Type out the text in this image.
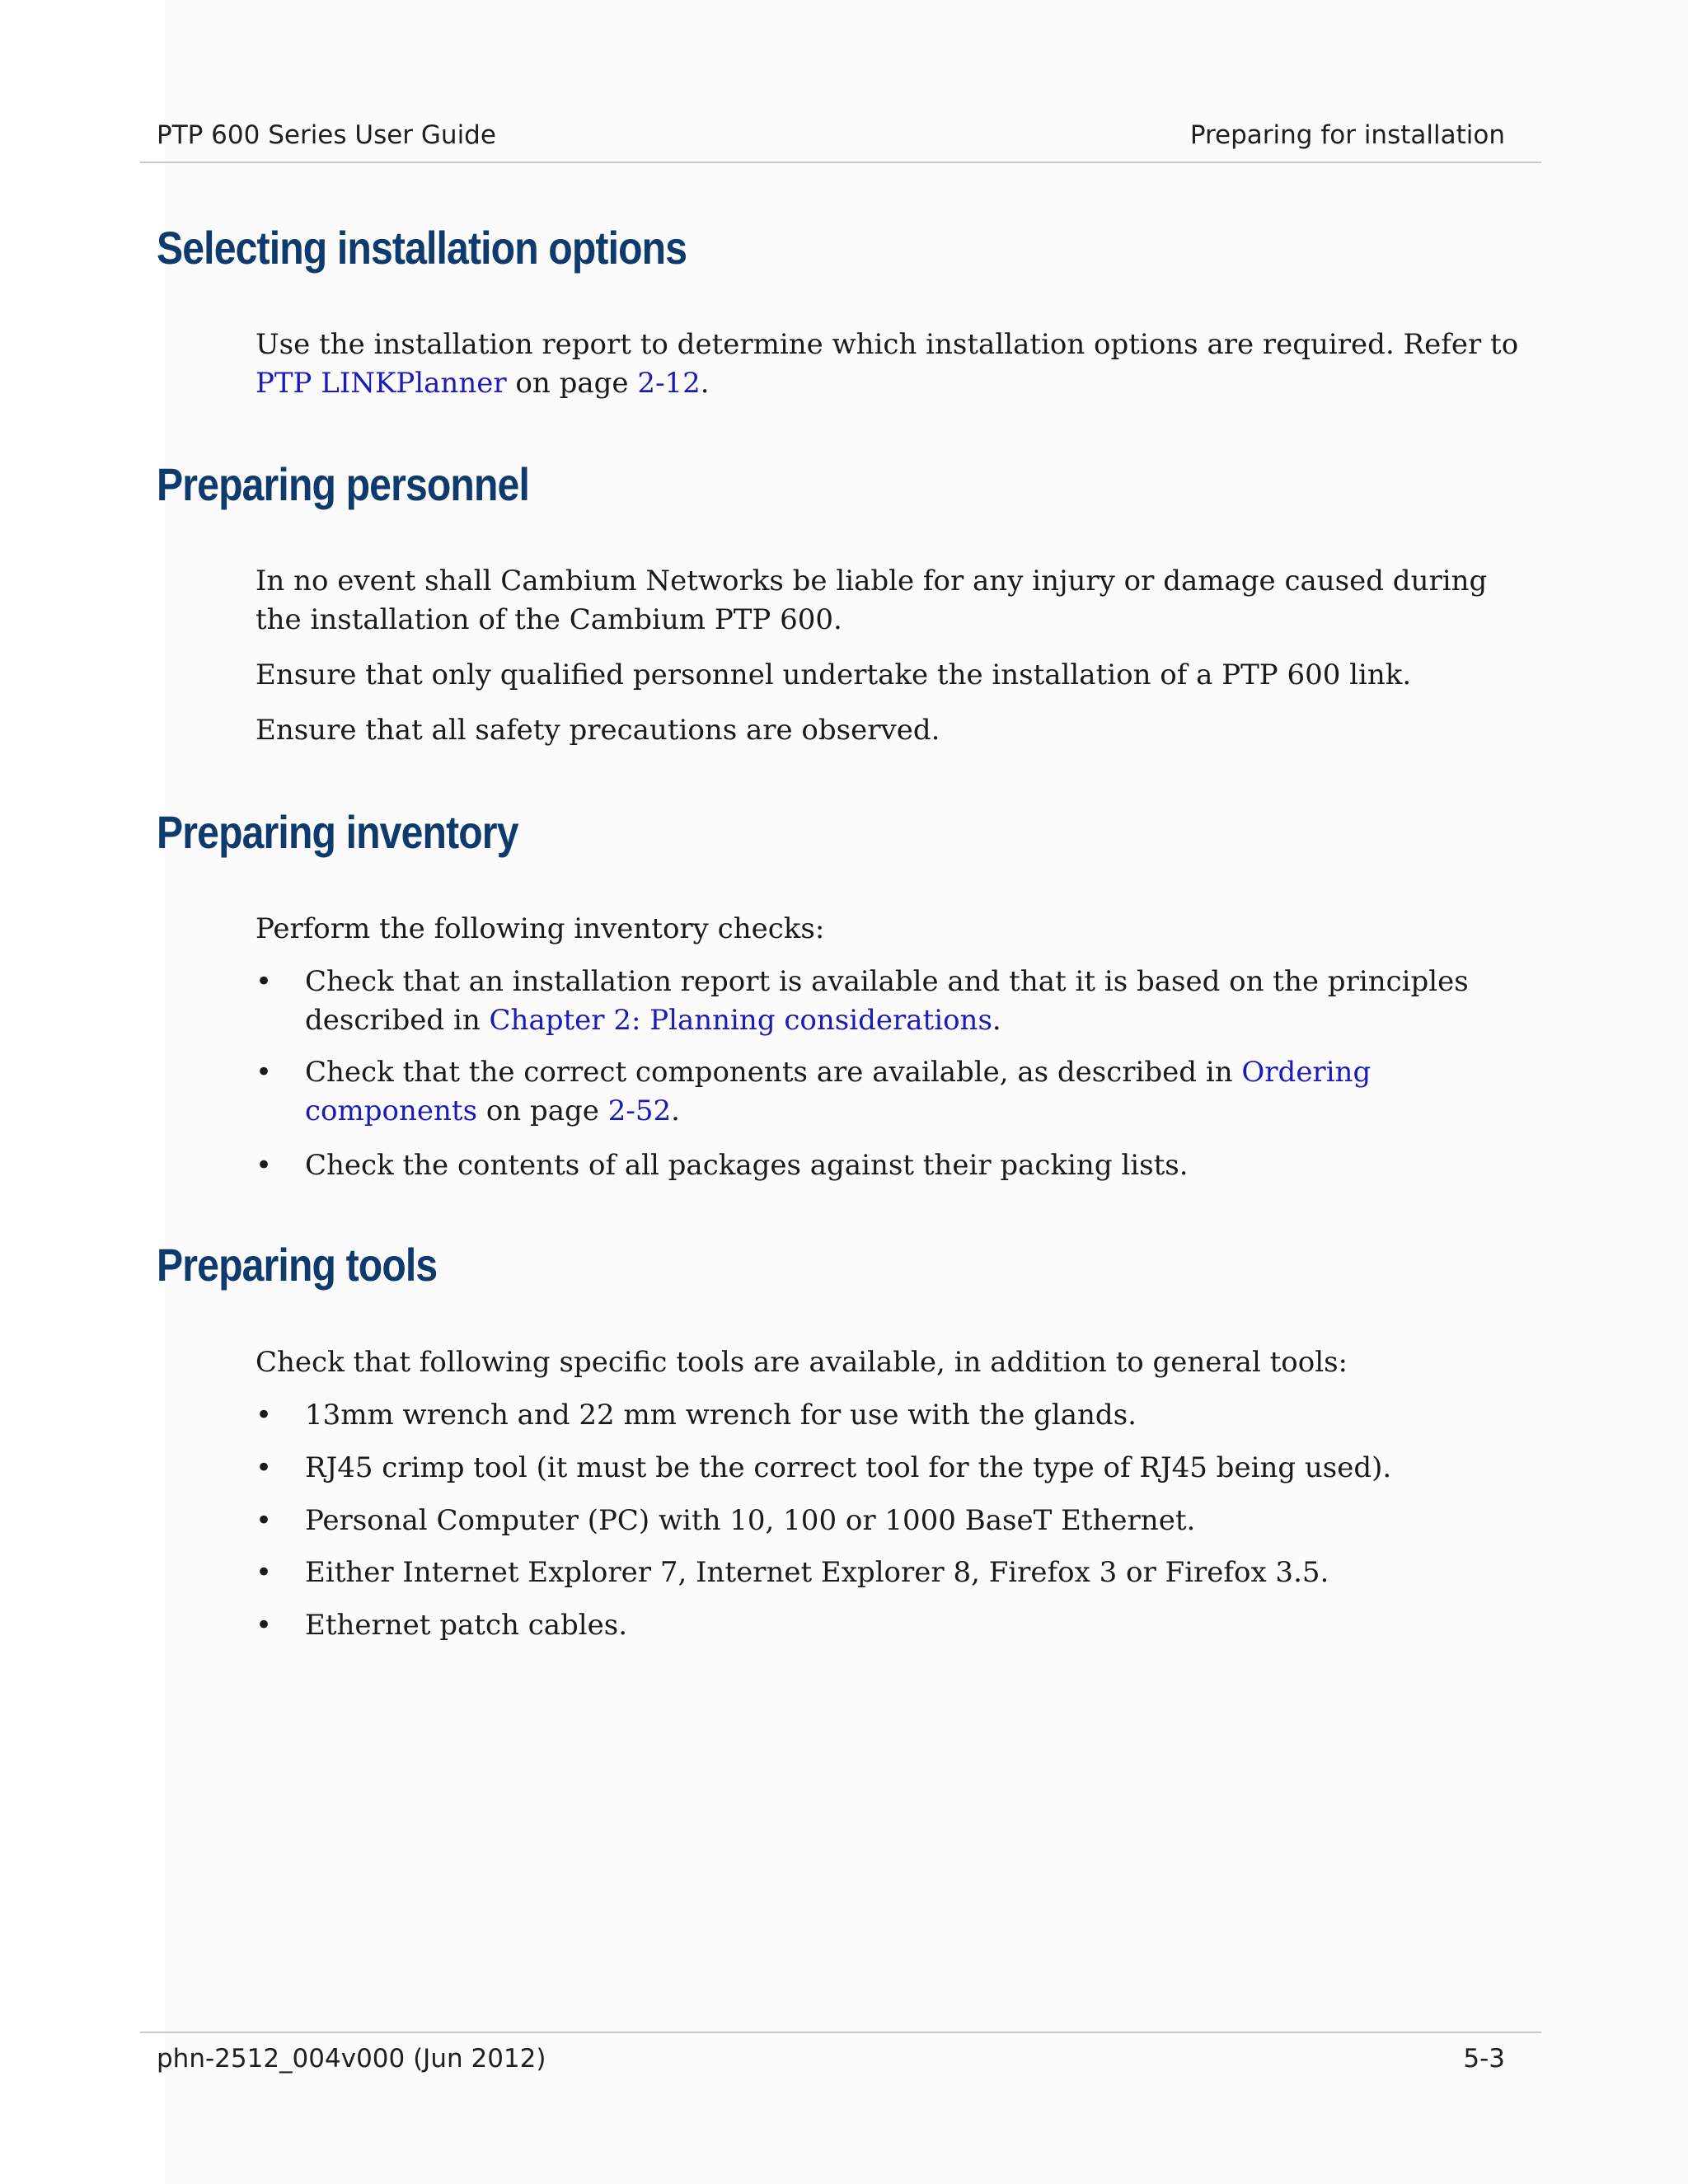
PTP 600 Series User Guide	Preparing for installation
Selecting installation options

Use the installation report to determine which installation options are required. Refer to PTP LINKPlanner on page 2-12.

Preparing personnel

In no event shall Cambium Networks be liable for any injury or damage caused during the installation of the Cambium PTP 600.

Ensure that only qualified personnel undertake the installation of a PTP 600 link.

Ensure that all safety precautions are observed.

Preparing inventory

Perform the following inventory checks:

•	Check that an installation report is available and that it is based on the principles described in Chapter 2: Planning considerations.
•	Check that the correct components are available, as described in Ordering components on page 2-52.
•	Check the contents of all packages against their packing lists.
Preparing tools

Check that following specific tools are available, in addition to general tools:

•	13mm wrench and 22 mm wrench for use with the glands.
•	RJ45 crimp tool (it must be the correct tool for the type of RJ45 being used).
•	Personal Computer (PC) with 10, 100 or 1000 BaseT Ethernet.
•	Either Internet Explorer 7, Internet Explorer 8, Firefox 3 or Firefox 3.5.
•	Ethernet patch cables.
phn-2512_004v000 (Jun 2012)	5-3
